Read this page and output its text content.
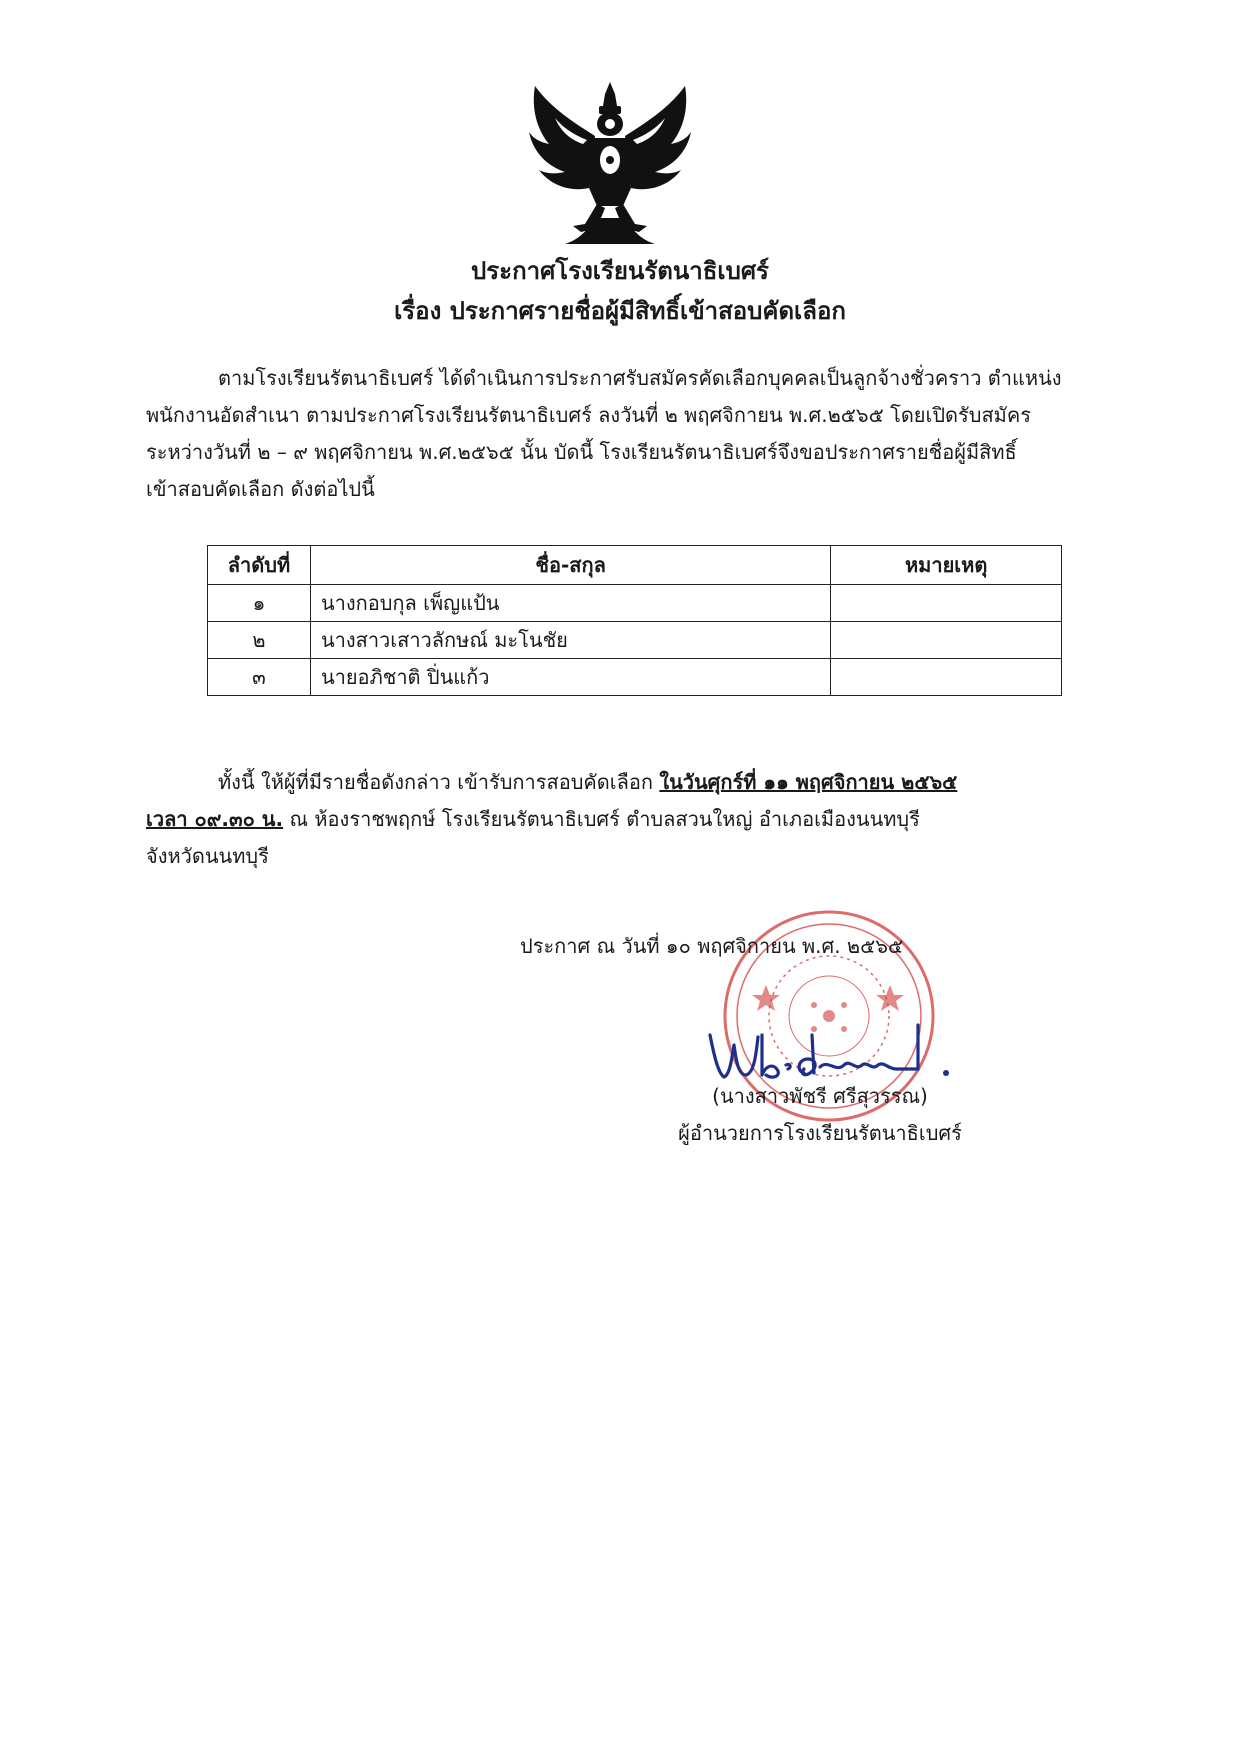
ประกาศโรงเรียนรัตนาธิเบศร์
เรื่อง ประกาศรายชื่อผู้มีสิทธิ์เข้าสอบคัดเลือก
ตามโรงเรียนรัตนาธิเบศร์ ได้ดำเนินการประกาศรับสมัครคัดเลือกบุคคลเป็นลูกจ้างชั่วคราว ตำแหน่ง
พนักงานอัดสำเนา ตามประกาศโรงเรียนรัตนาธิเบศร์ ลงวันที่ ๒ พฤศจิกายน พ.ศ.๒๕๖๕ โดยเปิดรับสมัคร
ระหว่างวันที่ ๒ – ๙ พฤศจิกายน พ.ศ.๒๕๖๕ นั้น บัดนี้ โรงเรียนรัตนาธิเบศร์จึงขอประกาศรายชื่อผู้มีสิทธิ์
เข้าสอบคัดเลือก ดังต่อไปนี้
ลำดับที่	ชื่อ-สกุล	หมายเหตุ
๑	นางกอบกุล เพ็ญแป้น	
๒	นางสาวเสาวลักษณ์ มะโนชัย	
๓	นายอภิชาติ ปิ่นแก้ว	
ทั้งนี้ ให้ผู้ที่มีรายชื่อดังกล่าว เข้ารับการสอบคัดเลือก ในวันศุกร์ที่ ๑๑ พฤศจิกายน ๒๕๖๕
เวลา ๐๙.๓๐ น. ณ ห้องราชพฤกษ์ โรงเรียนรัตนาธิเบศร์ ตำบลสวนใหญ่ อำเภอเมืองนนทบุรี
จังหวัดนนทบุรี
ประกาศ ณ วันที่ ๑๐ พฤศจิกายน พ.ศ. ๒๕๖๕
(นางสาวพัชรี ศรีสุวรรณ)
ผู้อำนวยการโรงเรียนรัตนาธิเบศร์
